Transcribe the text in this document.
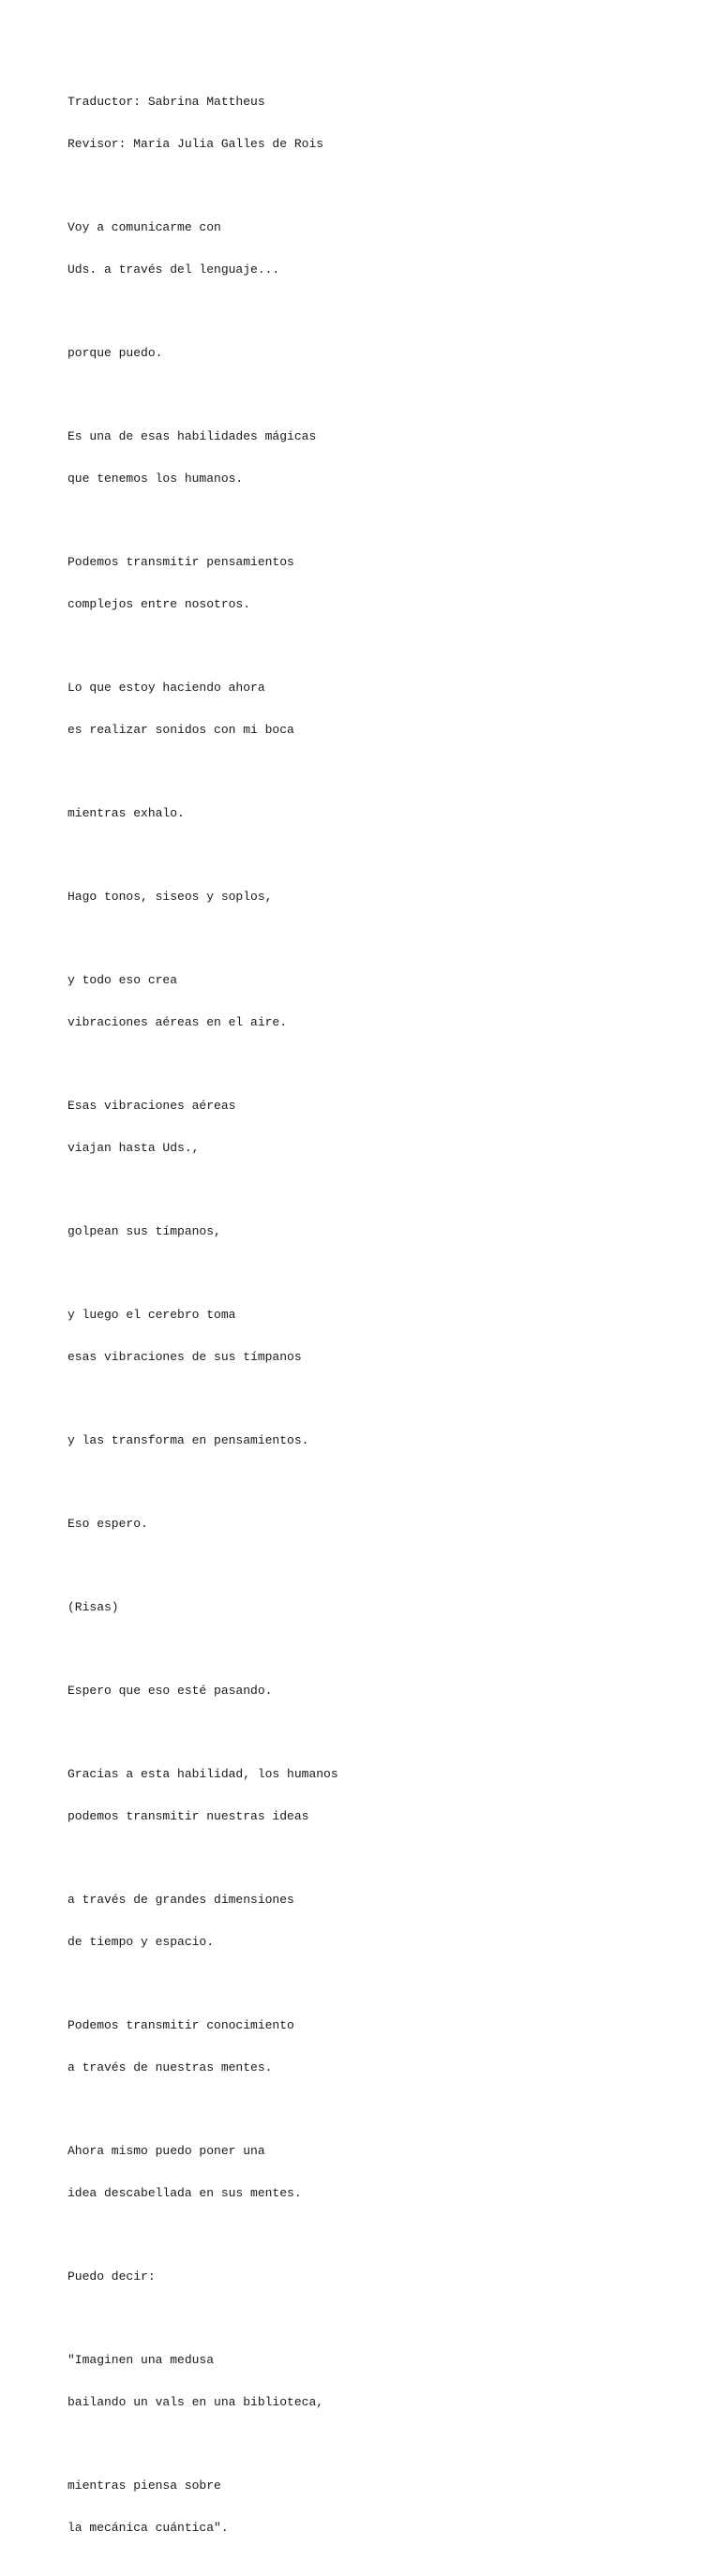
Traductor: Sabrina Mattheus

Revisor: Maria Julia Galles de Rois

Voy a comunicarme con

Uds. a través del lenguaje...

porque puedo.

Es una de esas habilidades mágicas

que tenemos los humanos.

Podemos transmitir pensamientos

complejos entre nosotros.

Lo que estoy haciendo ahora

es realizar sonidos con mi boca

mientras exhalo.

Hago tonos, siseos y soplos,

y todo eso crea

vibraciones aéreas en el aire.

Esas vibraciones aéreas

viajan hasta Uds.,

golpean sus tímpanos,

y luego el cerebro toma

esas vibraciones de sus tímpanos

y las transforma en pensamientos.

Eso espero.

(Risas)

Espero que eso esté pasando.

Gracias a esta habilidad, los humanos

podemos transmitir nuestras ideas

a través de grandes dimensiones

de tiempo y espacio.

Podemos transmitir conocimiento

a través de nuestras mentes.

Ahora mismo puedo poner una

idea descabellada en sus mentes.

Puedo decir:

"Imaginen una medusa

bailando un vals en una biblioteca,

mientras piensa sobre

la mecánica cuántica".
